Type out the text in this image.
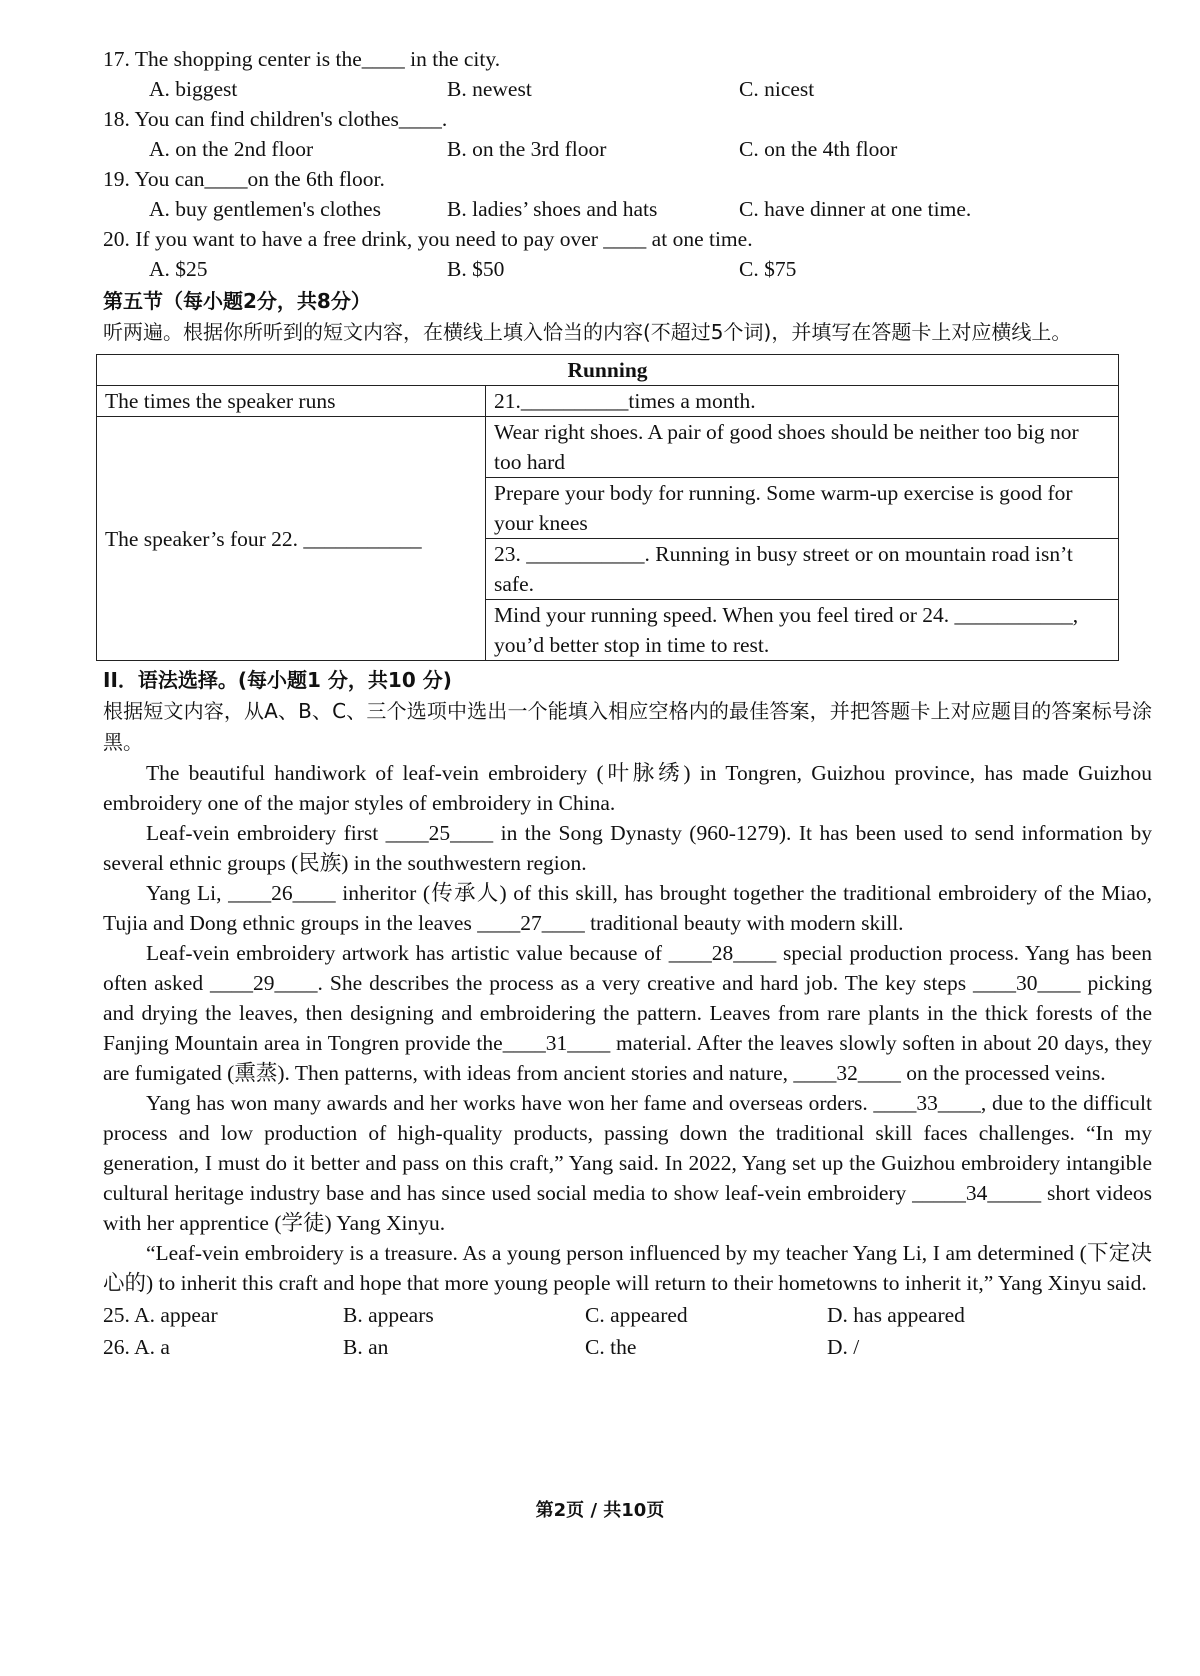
17. The shopping center is the____ in the city.

A. biggest	B. newest	C. nicest

18. You can find children's clothes____.

A. on the 2nd floor	B. on the 3rd floor	C. on the 4th floor

19. You can____on the 6th floor.

A. buy gentlemen's clothes	B. ladies’ shoes and hats	C. have dinner at one time.

20. If you want to have a free drink, you need to pay over ____ at one time.

A. $25	B. $50	C. $75

第五节（每小题2分，共8分）

听两遍。根据你所听到的短文内容，在横线上填入恰当的内容(不超过5个词)，并填写在答题卡上对应横线上。

Running	
The times the speaker runs	21.__________times a month.
The speaker’s four 22. ___________	Wear right shoes. A pair of good shoes should be neither too big nor too hard
	Prepare your body for running. Some warm-up exercise is good for your knees
	23. ___________. Running in busy street or on mountain road isn’t safe.
	Mind your running speed. When you feel tired or 24. ___________, you’d better stop in time to rest.

II．语法选择。(每小题1 分，共10 分)

根据短文内容，从A、B、C、三个选项中选出一个能填入相应空格内的最佳答案，并把答题卡上对应题目的答案标号涂黑。

The beautiful handiwork of leaf-vein embroidery (叶脉绣) in Tongren, Guizhou province, has made Guizhou embroidery one of the major styles of embroidery in China.

Leaf-vein embroidery first ____25____ in the Song Dynasty (960-1279). It has been used to send information by several ethnic groups (民族) in the southwestern region.

Yang Li, ____26____ inheritor (传承人) of this skill, has brought together the traditional embroidery of the Miao, Tujia and Dong ethnic groups in the leaves ____27____ traditional beauty with modern skill.

Leaf-vein embroidery artwork has artistic value because of ____28____ special production process. Yang has been often asked ____29____. She describes the process as a very creative and hard job. The key steps ____30____ picking and drying the leaves, then designing and embroidering the pattern. Leaves from rare plants in the thick forests of the Fanjing Mountain area in Tongren provide the____31____ material. After the leaves slowly soften in about 20 days, they are fumigated (熏蒸). Then patterns, with ideas from ancient stories and nature, ____32____ on the processed veins.

Yang has won many awards and her works have won her fame and overseas orders. ____33____, due to the difficult process and low production of high-quality products, passing down the traditional skill faces challenges. “In my generation, I must do it better and pass on this craft,” Yang said. In 2022, Yang set up the Guizhou embroidery intangible cultural heritage industry base and has since used social media to show leaf-vein embroidery _____34_____ short videos with her apprentice (学徒) Yang Xinyu.

“Leaf-vein embroidery is a treasure. As a young person influenced by my teacher Yang Li, I am determined (下定决心的) to inherit this craft and hope that more young people will return to their hometowns to inherit it,” Yang Xinyu said.

25. A. appear	B. appears	C. appeared	D. has appeared
26. A. a	B. an	C. the	D. /
第2页 / 共10页
